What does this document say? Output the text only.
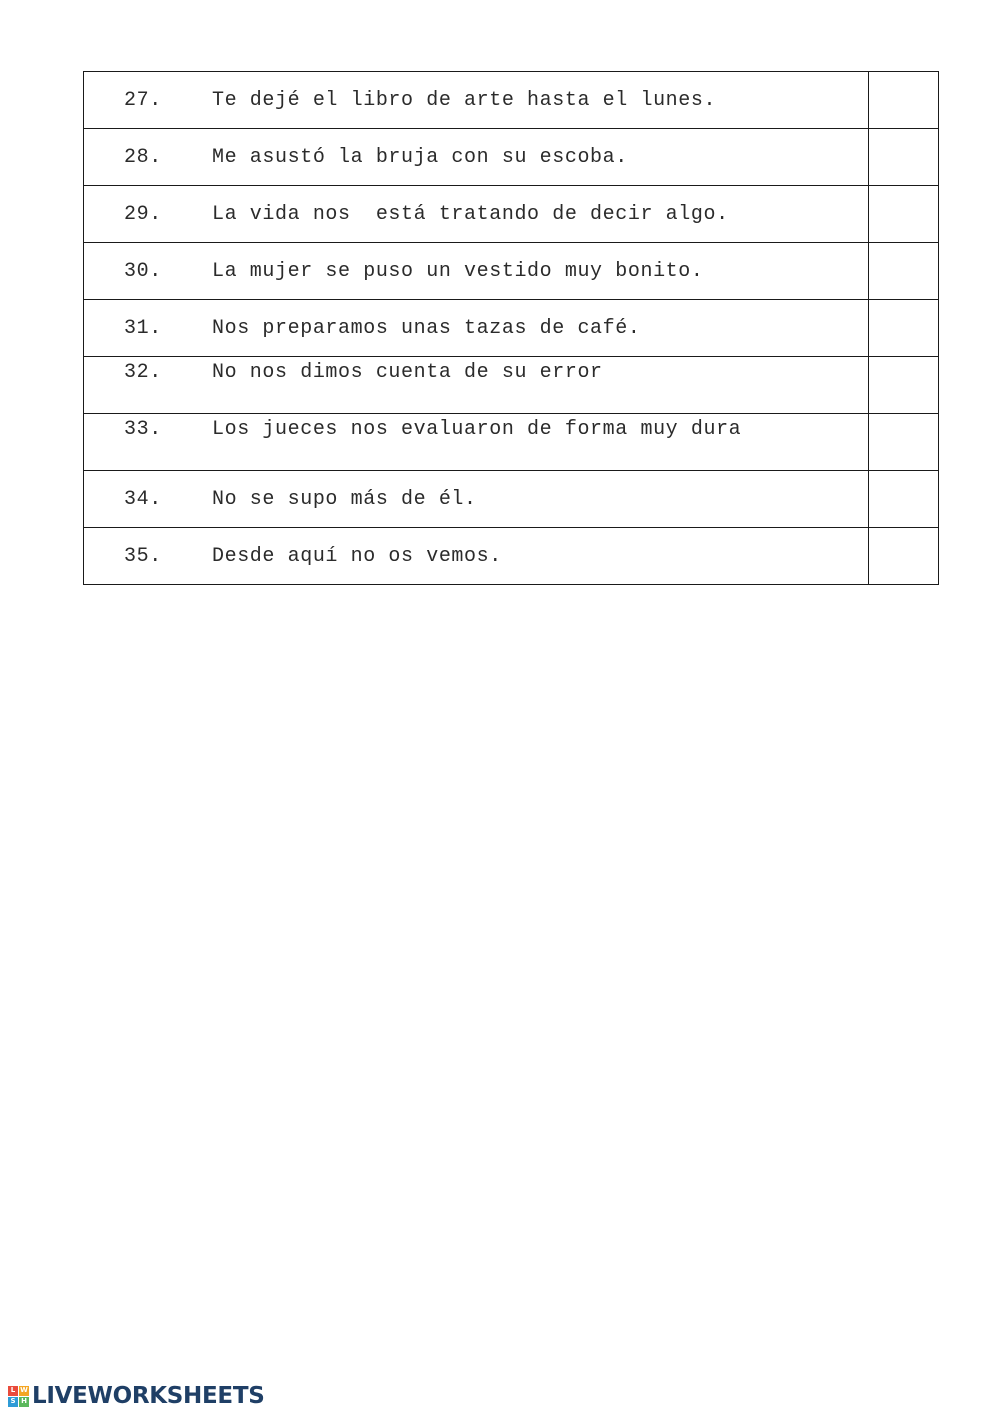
27. Te dejé el libro de arte hasta el lunes.	

28. Me asustó la bruja con su escoba.	

29. La vida nos  está tratando de decir algo.	

30. La mujer se puso un vestido muy bonito.	

31. Nos preparamos unas tazas de café.	

32. No nos dimos cuenta de su error	

33. Los jueces nos evaluaron de forma muy dura	

34. No se supo más de él.	

35. Desde aquí no os vemos.	

L W
S H LIVEWORKSHEETS
